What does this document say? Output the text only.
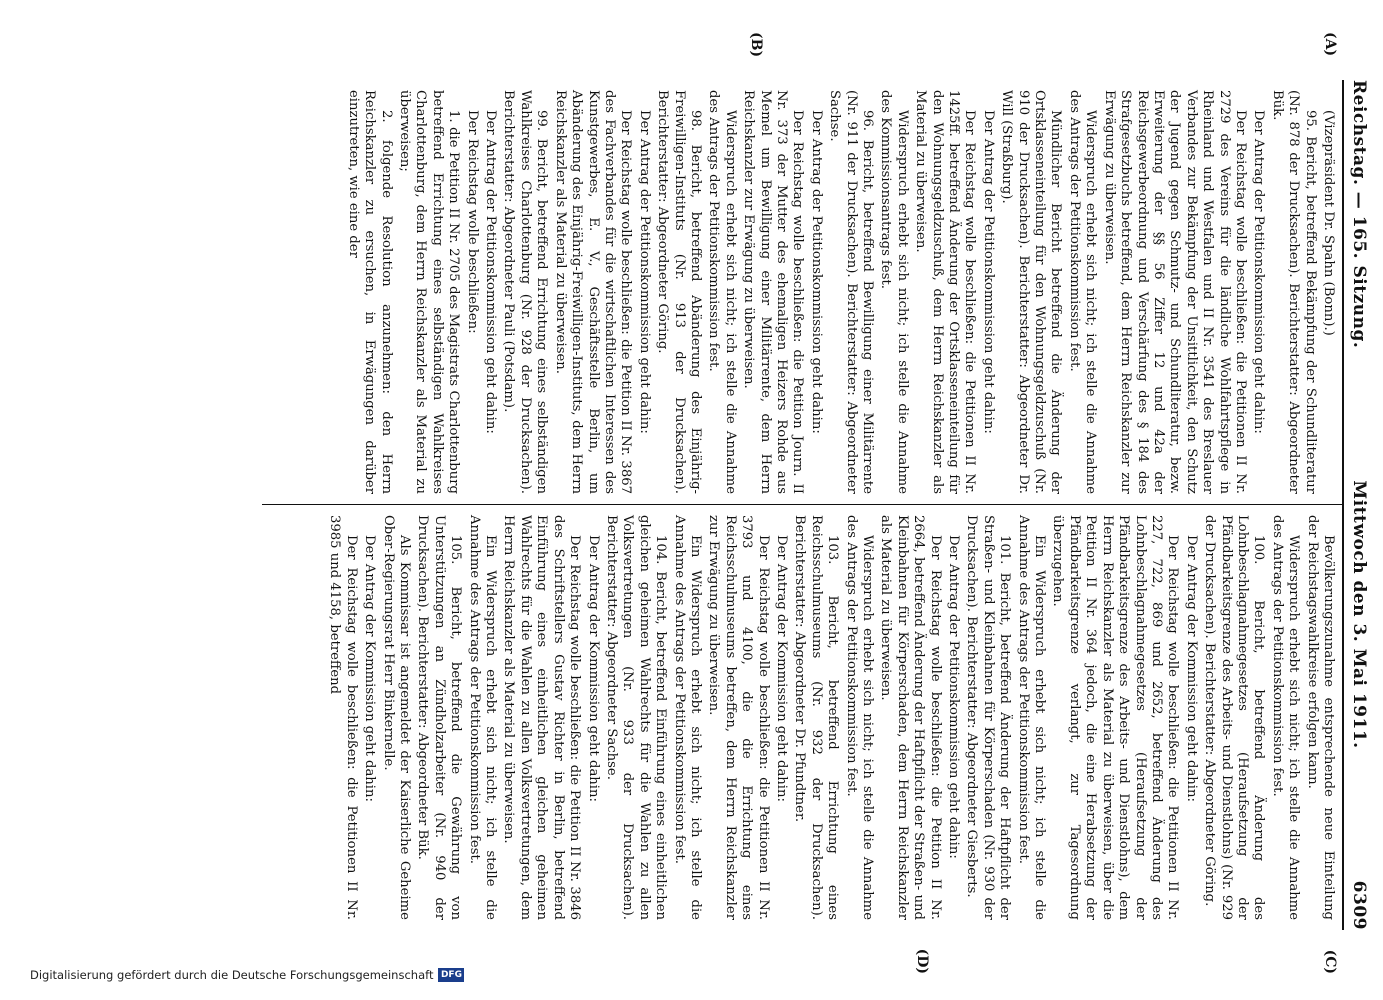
Reichstag. — 165. Sitzung.
Mittwoch den 3. Mai 1911.
6309
(A)
(B)

(Vizepräsident Dr. Spahn (Bonn).)

95. Bericht, betreffend Bekämpfung der Schundliteratur (Nr. 878 der Drucksachen). Berichterstatter: Abgeordneter Bük.

Der Antrag der Petitionskommission geht dahin:

Der Reichstag wolle beschließen: die Petitionen II Nr. 2729 des Vereins für die ländliche Wohlfahrtspflege in Rheinland und Westfalen und II Nr. 3541 des Breslauer Verbandes zur Bekämpfung der Unsittlichkeit, den Schutz der Jugend gegen Schmutz- und Schundliteratur, bezw. Erweiterung der §§ 56 Ziffer 12 und 42a der Reichsgewerbeordnung und Verschärfung des § 184 des Strafgesetzbuchs betreffend, dem Herrn Reichskanzler zur Erwägung zu überweisen.

Widerspruch erhebt sich nicht; ich stelle die Annahme des Antrags der Petitionskommission fest.

Mündlicher Bericht betreffend die Änderung der Ortsklasseneinteilung für den Wohnungsgeldzuschuß (Nr. 910 der Drucksachen). Berichterstatter: Abgeordneter Dr. Will (Straßburg).

Der Antrag der Petitionskommission geht dahin:

Der Reichstag wolle beschließen: die Petitionen II Nr. 1425ff. betreffend Änderung der Ortsklasseneinteilung für den Wohnungsgeldzuschuß, dem Herrn Reichskanzler als Material zu überweisen.

Widerspruch erhebt sich nicht; ich stelle die Annahme des Kommissionsantrags fest.

96. Bericht, betreffend Bewilligung einer Militärrente (Nr. 911 der Drucksachen). Berichterstatter: Abgeordneter Sachse.

Der Antrag der Petitionskommission geht dahin:

Der Reichstag wolle beschließen: die Petition Journ. II Nr. 373 der Mutter des ehemaligen Heizers Rohde aus Memel um Bewilligung einer Militärrente, dem Herrn Reichskanzler zur Erwägung zu überweisen.

Widerspruch erhebt sich nicht; ich stelle die Annahme des Antrags der Petitionskommission fest.

98. Bericht, betreffend Abänderung des Einjährig-Freiwilligen-Instituts (Nr. 913 der Drucksachen). Berichterstatter: Abgeordneter Göring.

Der Antrag der Petitionskommission geht dahin:

Der Reichstag wolle beschließen: die Petition II Nr. 3867 des Fachverbandes für die wirtschaftlichen Interessen des Kunstgewerbes, E. V., Geschäftsstelle Berlin, um Abänderung des Einjährig-Freiwilligen-Instituts, dem Herrn Reichskanzler als Material zu überweisen.

99. Bericht, betreffend Errichtung eines selbständigen Wahlkreises Charlottenburg (Nr. 928 der Drucksachen). Berichterstatter: Abgeordneter Pauli (Potsdam).

Der Antrag der Petitionskommission geht dahin:

Der Reichstag wolle beschließen:

1. die Petition II Nr. 2705 des Magistrats Charlottenburg betreffend Errichtung eines selbständigen Wahlkreises Charlottenburg, dem Herrn Reichskanzler als Material zu überweisen;

2. folgende Resolution anzunehmen: den Herrn Reichskanzler zu ersuchen, in Erwägungen darüber einzutreten, wie eine der

(C)
(D)

Bevölkerungszunahme entsprechende neue Einteilung der Reichstagswahlkreise erfolgen kann.

Widerspruch erhebt sich nicht; ich stelle die Annahme des Antrags der Petitionskommission fest.

100. Bericht, betreffend Änderung des Lohnbeschlagnahmegesetzes (Heraufsetzung der Pfändbarkeitsgrenze des Arbeits- und Dienstlohns) (Nr. 929 der Drucksachen). Berichterstatter: Abgeordneter Göring.

Der Antrag der Kommission geht dahin:

Der Reichstag wolle beschließen: die Petitionen II Nr. 227, 722, 869 und 2652, betreffend Änderung des Lohnbeschlagnahmegesetzes (Heraufsetzung der Pfändbarkeitsgrenze des Arbeits- und Dienstlohns), dem Herrn Reichskanzler als Material zu überweisen, über die Petition II Nr. 364 jedoch, die eine Herabsetzung der Pfändbarkeitsgrenze verlangt, zur Tagesordnung überzugehen.

Ein Widerspruch erhebt sich nicht; ich stelle die Annahme des Antrags der Petitionskommission fest.

101. Bericht, betreffend Änderung der Haftpflicht der Straßen- und Kleinbahnen für Körperschaden (Nr. 930 der Drucksachen). Berichterstatter: Abgeordneter Giesberts.

Der Antrag der Petitionskommission geht dahin:

Der Reichstag wolle beschließen: die Petition II Nr. 2664, betreffend Änderung der Haftpflicht der Straßen- und Kleinbahnen für Körperschaden, dem Herrn Reichskanzler als Material zu überweisen.

Widerspruch erhebt sich nicht; ich stelle die Annahme des Antrags der Petitionskommission fest.

103. Bericht, betreffend Errichtung eines Reichsschulmuseums (Nr. 932 der Drucksachen). Berichterstatter: Abgeordneter Dr. Pfundtner.

Der Antrag der Kommission geht dahin:

Der Reichstag wolle beschließen: die Petitionen II Nr. 3793 und 4100, die die Errichtung eines Reichsschulmuseums betreffen, dem Herrn Reichskanzler zur Erwägung zu überweisen.

Ein Widerspruch erhebt sich nicht; ich stelle die Annahme des Antrags der Petitionskommission fest.

104. Bericht, betreffend Einführung eines einheitlichen gleichen geheimen Wahlrechts für die Wahlen zu allen Volksvertretungen (Nr. 933 der Drucksachen). Berichterstatter: Abgeordneter Sachse.

Der Antrag der Kommission geht dahin:

Der Reichstag wolle beschließen: die Petition II Nr. 3846 des Schriftstellers Gustav Richter in Berlin, betreffend Einführung eines einheitlichen gleichen geheimen Wahlrechts für die Wahlen zu allen Volksvertretungen, dem Herrn Reichskanzler als Material zu überweisen.

Ein Widerspruch erhebt sich nicht; ich stelle die Annahme des Antrags der Petitionskommission fest.

105. Bericht, betreffend die Gewährung von Unterstützungen an Zündholzarbeiter (Nr. 940 der Drucksachen). Berichterstatter: Abgeordneter Bük.

Als Kommissar ist angemeldet der Kaiserliche Geheime Ober-Regierungsrat Herr Binkernelle.

Der Antrag der Kommission geht dahin:

Der Reichstag wolle beschließen: die Petitionen II Nr. 3985 und 4158, betreffend

Digitalisierung gefördert durch die Deutsche Forschungsgemeinschaft DFG
